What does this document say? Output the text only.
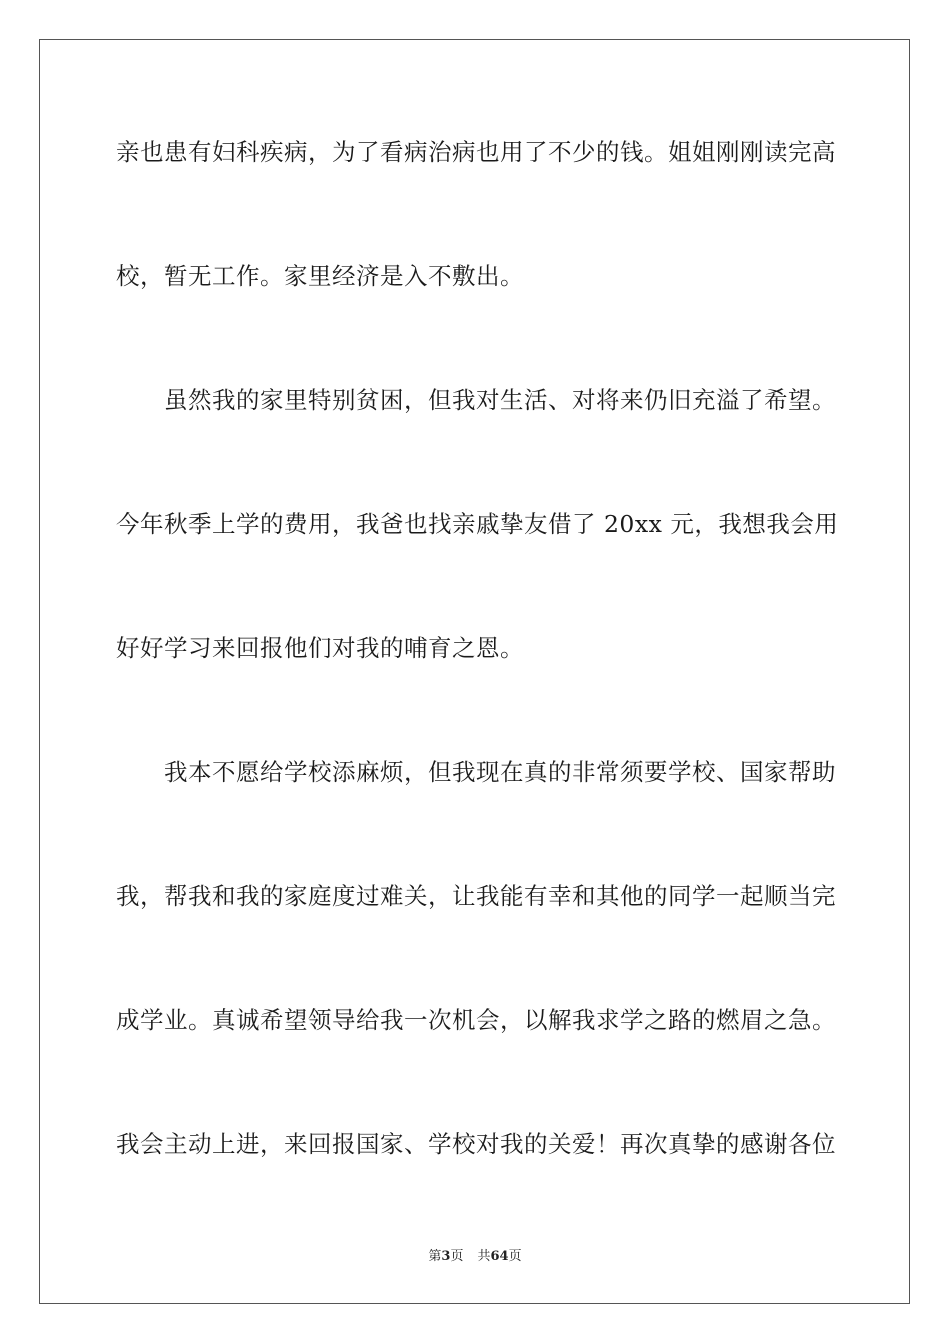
亲也患有妇科疾病，为了看病治病也用了不少的钱。姐姐刚刚读完高
校，暂无工作。家里经济是入不敷出。
　　虽然我的家里特别贫困，但我对生活、对将来仍旧充溢了希望。
今年秋季上学的费用，我爸也找亲戚挚友借了 20xx 元，我想我会用
好好学习来回报他们对我的哺育之恩。
　　我本不愿给学校添麻烦，但我现在真的非常须要学校、国家帮助
我，帮我和我的家庭度过难关，让我能有幸和其他的同学一起顺当完
成学业。真诚希望领导给我一次机会，以解我求学之路的燃眉之急。
我会主动上进，来回报国家、学校对我的关爱！再次真挚的感谢各位
第3页 共64页
